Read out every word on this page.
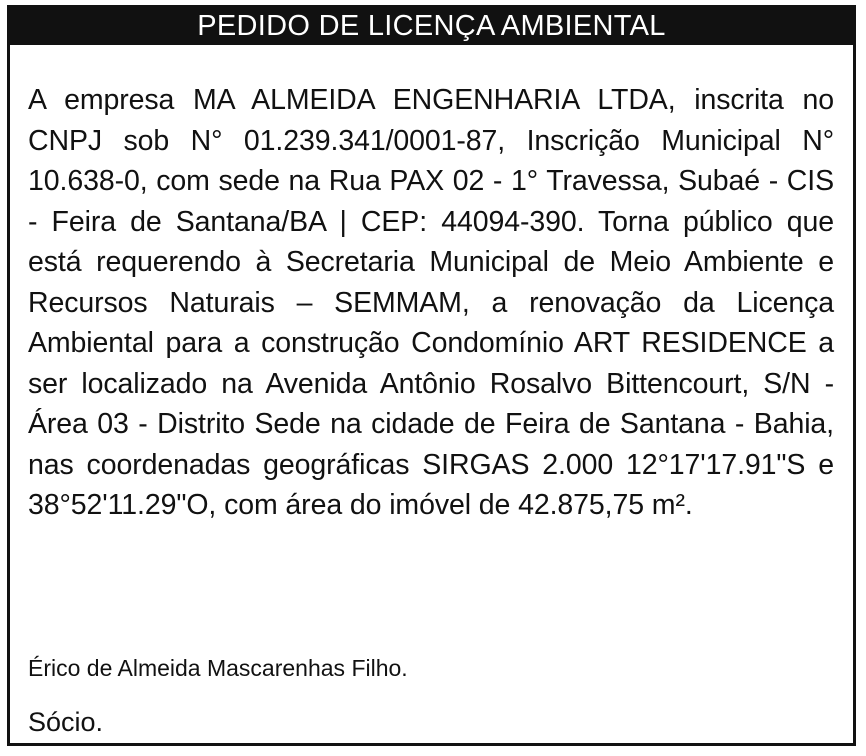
PEDIDO DE LICENÇA AMBIENTAL

A empresa MA ALMEIDA ENGENHARIA LTDA, inscrita no CNPJ sob N° 01.239.341/0001-87, Inscrição Municipal N° 10.638-0, com sede na Rua PAX 02 - 1° Travessa, Subaé - CIS - Feira de Santana/BA | CEP: 44094-390. Torna público que está requerendo à Secretaria Municipal de Meio Ambiente e Recursos Naturais – SEMMAM, a renovação da Licença Ambiental para a construção Condomínio ART RESIDENCE a ser localizado na Avenida Antônio Rosalvo Bittencourt, S/N - Área 03 - Distrito Sede na cidade de Feira de Santana - Bahia, nas coordenadas geográficas SIRGAS 2.000 12°17'17.91"S e 38°52'11.29"O, com área do imóvel de 42.875,75 m².

Érico de Almeida Mascarenhas Filho.

Sócio.
